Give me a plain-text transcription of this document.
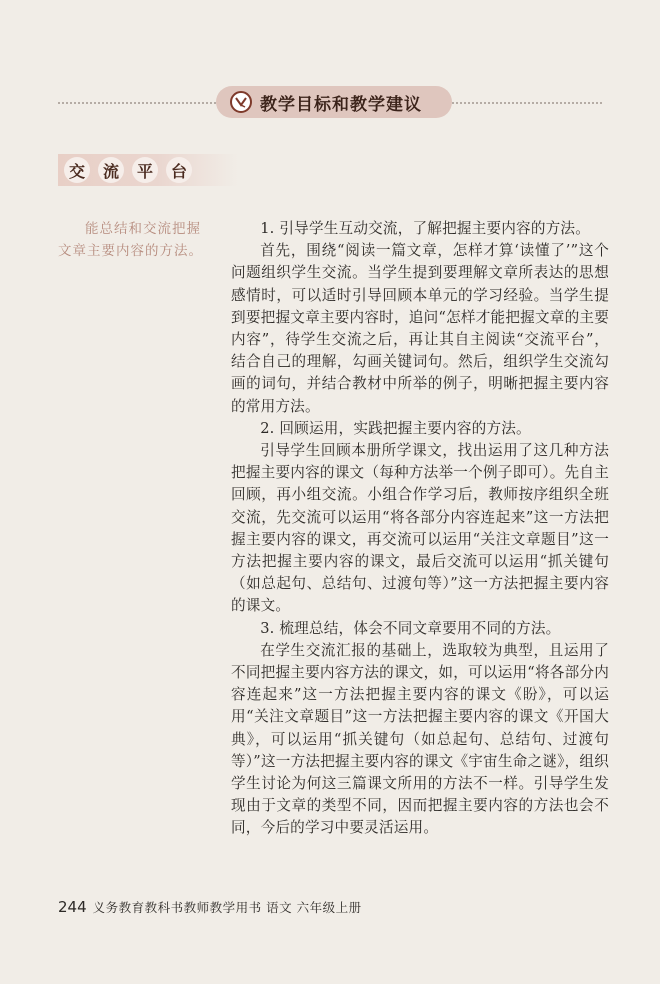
教学目标和教学建议
交	流	平	台

能总结和交流把握文章主要内容的方法。

1. 引导学生互动交流，了解把握主要内容的方法。

首先，围绕“阅读一篇文章，怎样才算‘读懂了’”这个问题组织学生交流。当学生提到要理解文章所表达的思想感情时，可以适时引导回顾本单元的学习经验。当学生提到要把握文章主要内容时，追问“怎样才能把握文章的主要内容”，待学生交流之后，再让其自主阅读“交流平台”，结合自己的理解，勾画关键词句。然后，组织学生交流勾画的词句，并结合教材中所举的例子，明晰把握主要内容的常用方法。

2. 回顾运用，实践把握主要内容的方法。

引导学生回顾本册所学课文，找出运用了这几种方法把握主要内容的课文（每种方法举一个例子即可）。先自主回顾，再小组交流。小组合作学习后，教师按序组织全班交流，先交流可以运用“将各部分内容连起来”这一方法把握主要内容的课文，再交流可以运用“关注文章题目”这一方法把握主要内容的课文，最后交流可以运用“抓关键句（如总起句、总结句、过渡句等）”这一方法把握主要内容的课文。

3. 梳理总结，体会不同文章要用不同的方法。

在学生交流汇报的基础上，选取较为典型，且运用了不同把握主要内容方法的课文，如，可以运用“将各部分内容连起来”这一方法把握主要内容的课文《盼》，可以运用“关注文章题目”这一方法把握主要内容的课文《开国大典》，可以运用“抓关键句（如总起句、总结句、过渡句等）”这一方法把握主要内容的课文《宇宙生命之谜》，组织学生讨论为何这三篇课文所用的方法不一样。引导学生发现由于文章的类型不同，因而把握主要内容的方法也会不同，今后的学习中要灵活运用。

244 义务教育教科书教师教学用书 语文 六年级上册
